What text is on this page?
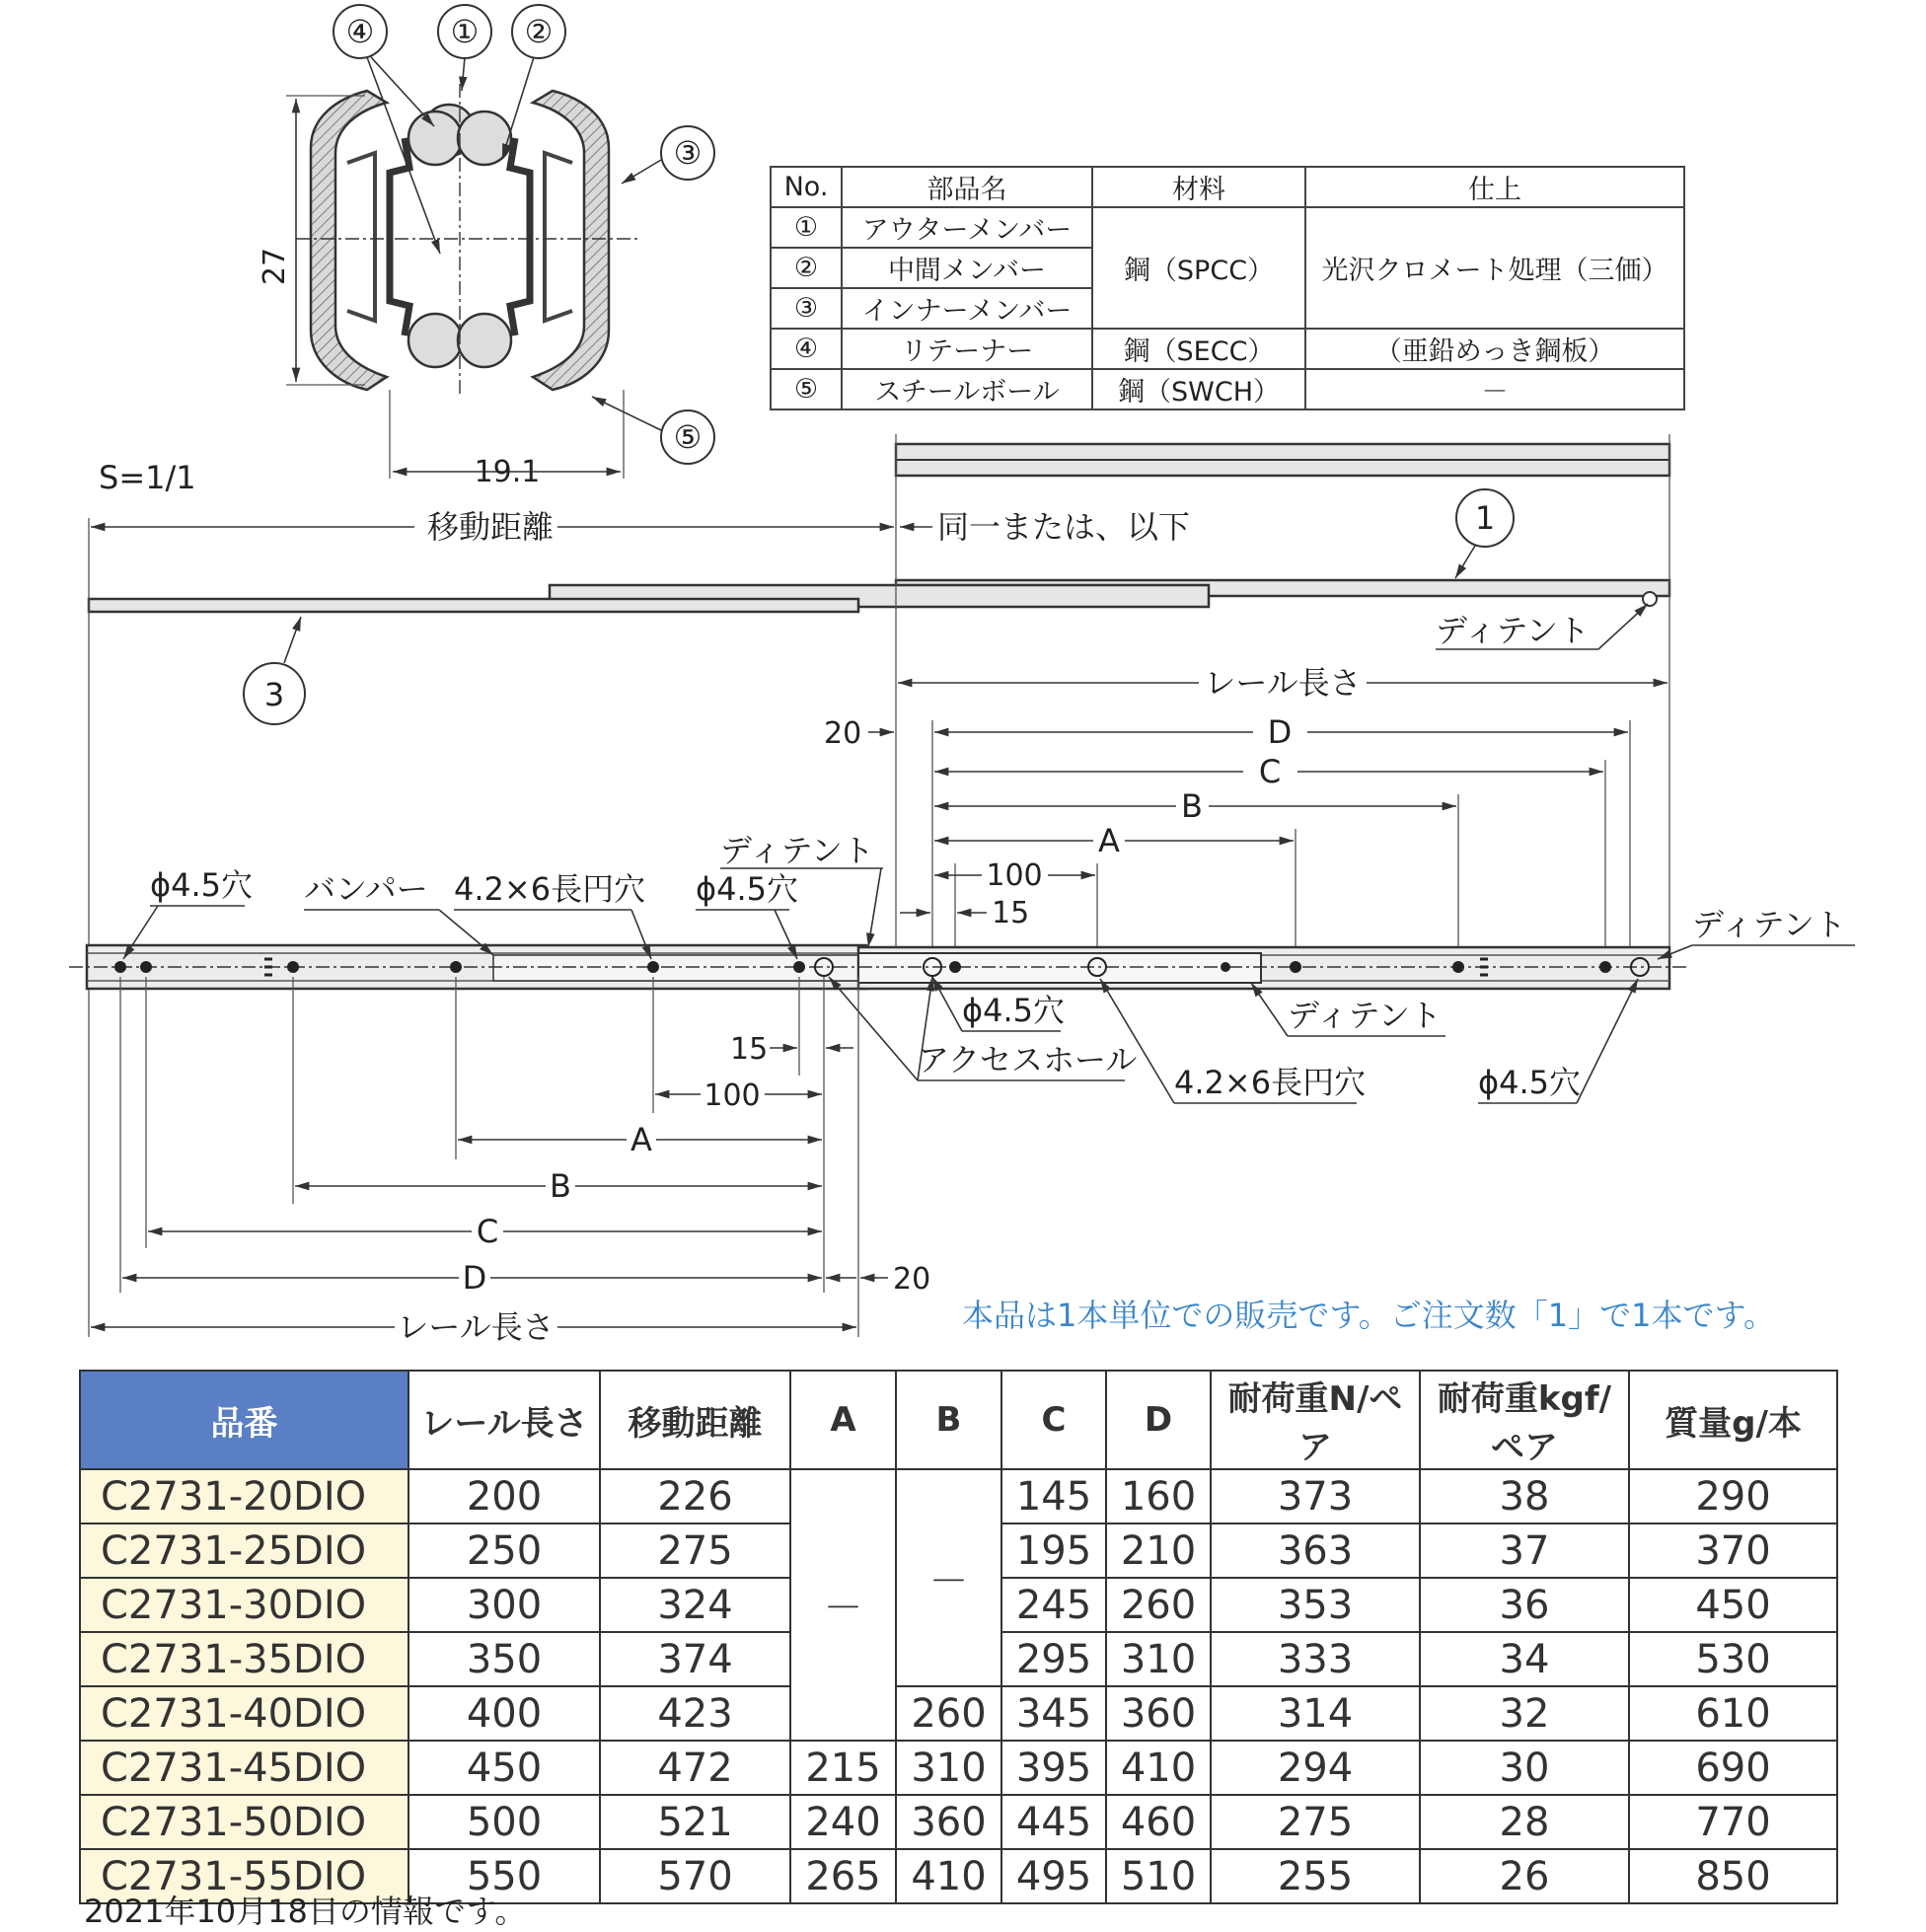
27
19.1
④ ① ②
③
⑤
S=1/1
移動距離	同一または、以下	1
3
ディテント
レール長さ
20	D
C
B
A
100
15
ディテント
ϕ4.5穴 バンパー 4.2×6長円穴 ϕ4.5穴
ディテント
ϕ4.5穴	ディテント
アクセスホール
4.2×6長円穴	ϕ4.5穴
15
100
A
B
C
D	20
レール長さ
No.	部品名	材料	仕上
①	アウターメンバー	鋼（SPCC）	光沢クロメート処理（三価）
②	中間メンバー		
③	インナーメンバー		
④	リテーナー	鋼（SECC）	（亜鉛めっき鋼板）
⑤	スチールボール	鋼（SWCH）	－
本品は1本単位での販売です。ご注文数「1」で1本です。
品番	レール長さ	移動距離	A	B	C	D	耐荷重N/ペア	耐荷重kgf/ペア	質量g/本
C2731-20DIO	200	226	－	－	145	160	373	38	290
C2731-25DIO	250	275			195	210	363	37	370
C2731-30DIO	300	324			245	260	353	36	450
C2731-35DIO	350	374			295	310	333	34	530
C2731-40DIO	400	423		260	345	360	314	32	610
C2731-45DIO	450	472	215	310	395	410	294	30	690
C2731-50DIO	500	521	240	360	445	460	275	28	770
C2731-55DIO	550	570	265	410	495	510	255	26	850
2021年10月18日の情報です。
